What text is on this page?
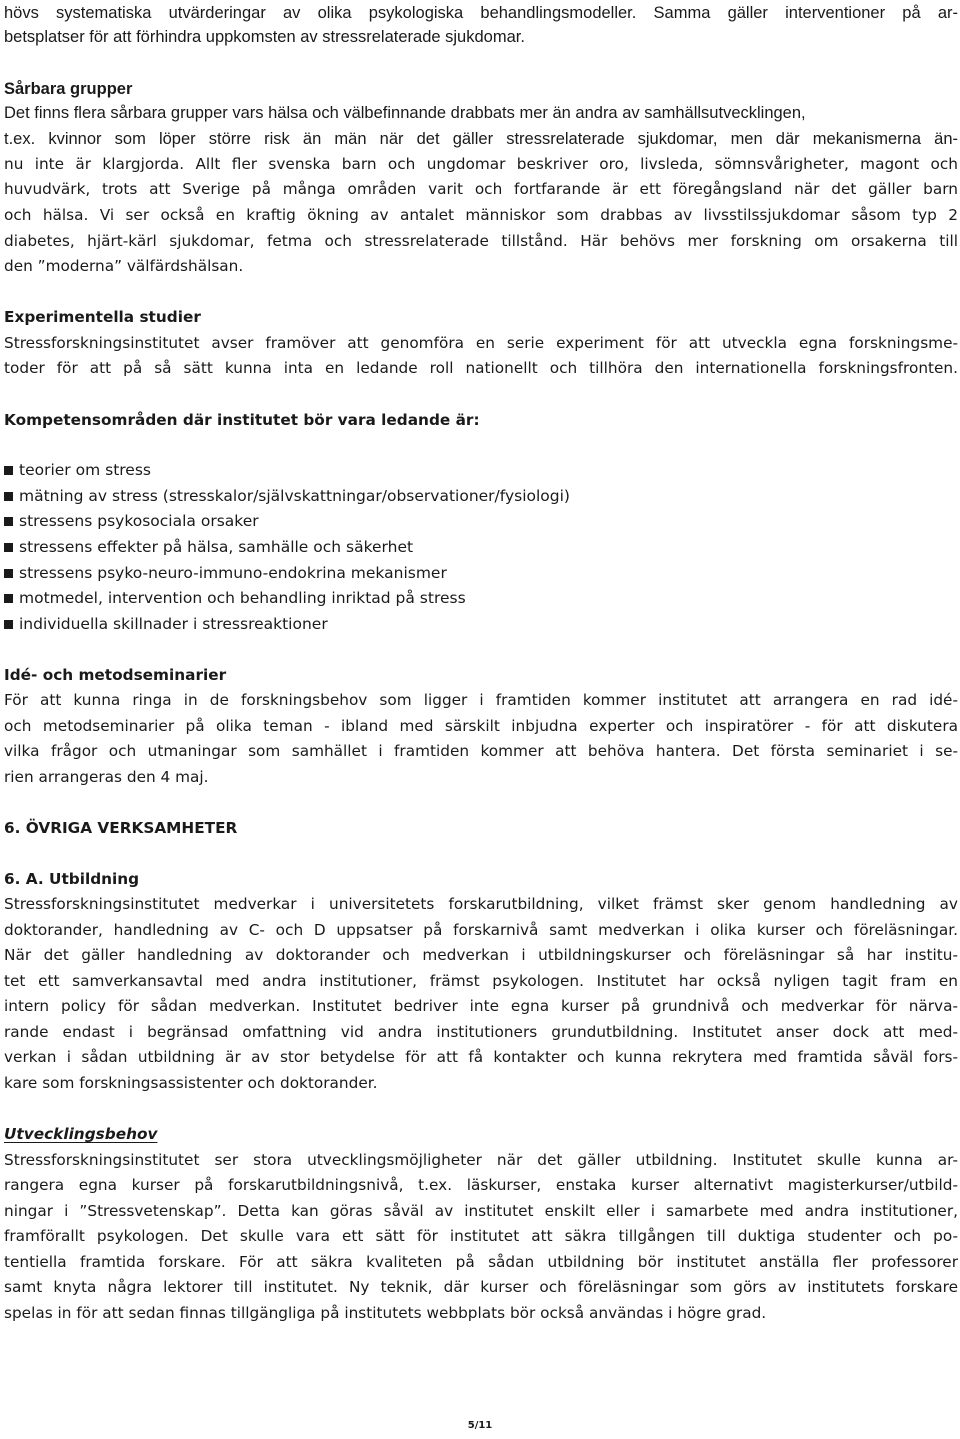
hövs systematiska utvärderingar av olika psykologiska behandlingsmodeller. Samma gäller interventioner på ar-
betsplatser för att förhindra uppkomsten av stressrelaterade sjukdomar.
Sårbara grupper
Det finns flera sårbara grupper vars hälsa och välbefinnande drabbats mer än andra av samhällsutvecklingen,
t.ex. kvinnor som löper större risk än män när det gäller stressrelaterade sjukdomar, men där mekanismerna än-
nu inte är klargjorda. Allt fler svenska barn och ungdomar beskriver oro, livsleda, sömnsvårigheter, magont och
huvudvärk, trots att Sverige på många områden varit och fortfarande är ett föregångsland när det gäller barn
och hälsa. Vi ser också en kraftig ökning av antalet människor som drabbas av livsstilssjukdomar såsom typ 2
diabetes, hjärt-kärl sjukdomar, fetma och stressrelaterade tillstånd. Här behövs mer forskning om orsakerna till
den ”moderna” välfärdshälsan.
Experimentella studier
Stressforskningsinstitutet avser framöver att genomföra en serie experiment för att utveckla egna forskningsme-
toder för att på så sätt kunna inta en ledande roll nationellt och tillhöra den internationella forskningsfronten.
Kompetensområden där institutet bör vara ledande är:
teorier om stress
mätning av stress (stresskalor/självskattningar/observationer/fysiologi)
stressens psykosociala orsaker
stressens effekter på hälsa, samhälle och säkerhet
stressens psyko-neuro-immuno-endokrina mekanismer
motmedel, intervention och behandling inriktad på stress
individuella skillnader i stressreaktioner
Idé- och metodseminarier
För att kunna ringa in de forskningsbehov som ligger i framtiden kommer institutet att arrangera en rad idé-
och metodseminarier på olika teman - ibland med särskilt inbjudna experter och inspiratörer - för att diskutera
vilka frågor och utmaningar som samhället i framtiden kommer att behöva hantera. Det första seminariet i se-
rien arrangeras den 4 maj.
6. ÖVRIGA VERKSAMHETER
6. A. Utbildning
Stressforskningsinstitutet medverkar i universitetets forskarutbildning, vilket främst sker genom handledning av
doktorander, handledning av C- och D uppsatser på forskarnivå samt medverkan i olika kurser och föreläsningar.
När det gäller handledning av doktorander och medverkan i utbildningskurser och föreläsningar så har institu-
tet ett samverkansavtal med andra institutioner, främst psykologen. Institutet har också nyligen tagit fram en
intern policy för sådan medverkan. Institutet bedriver inte egna kurser på grundnivå och medverkar för närva-
rande endast i begränsad omfattning vid andra institutioners grundutbildning. Institutet anser dock att med-
verkan i sådan utbildning är av stor betydelse för att få kontakter och kunna rekrytera med framtida såväl fors-
kare som forskningsassistenter och doktorander.
Utvecklingsbehov
Stressforskningsinstitutet ser stora utvecklingsmöjligheter när det gäller utbildning. Institutet skulle kunna ar-
rangera egna kurser på forskarutbildningsnivå, t.ex. läskurser, enstaka kurser alternativt magisterkurser/utbild-
ningar i ”Stressvetenskap”. Detta kan göras såväl av institutet enskilt eller i samarbete med andra institutioner,
framförallt psykologen. Det skulle vara ett sätt för institutet att säkra tillgången till duktiga studenter och po-
tentiella framtida forskare. För att säkra kvaliteten på sådan utbildning bör institutet anställa fler professorer
samt knyta några lektorer till institutet. Ny teknik, där kurser och föreläsningar som görs av institutets forskare
spelas in för att sedan finnas tillgängliga på institutets webbplats bör också användas i högre grad.
5/11
